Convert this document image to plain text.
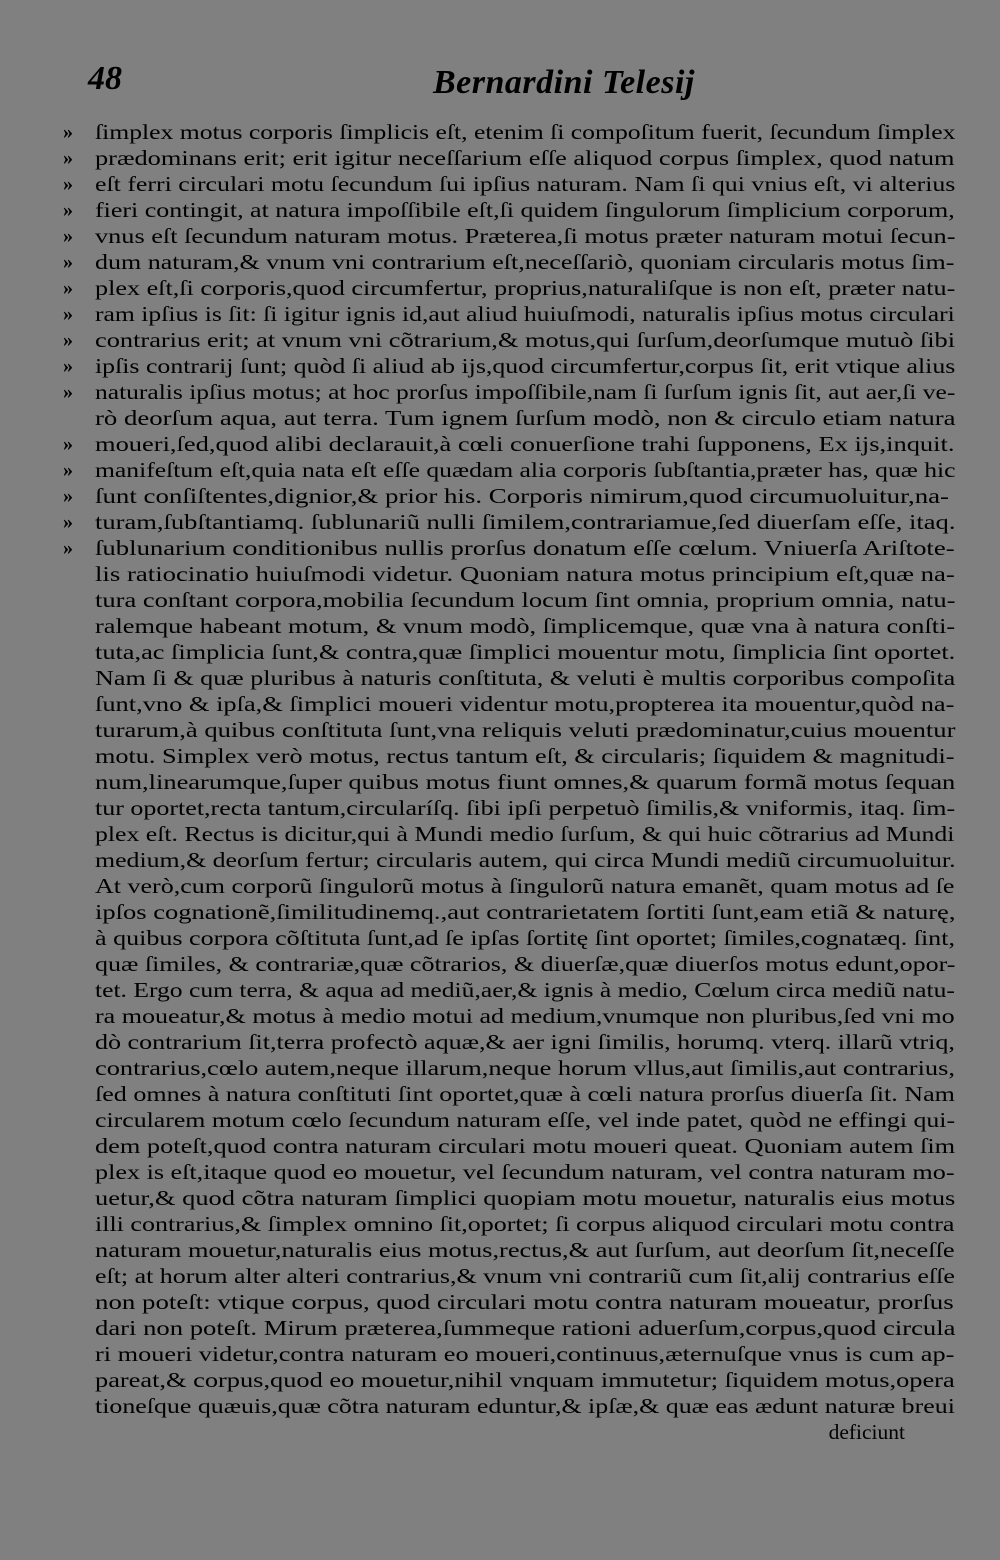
48	Bernardini Telesij
» ſimplex motus corporis ſimplicis eſt, etenim ſi compoſitum fuerit, ſecundum ſimplex
» prædominans erit; erit igitur neceſſarium eſſe aliquod corpus ſimplex, quod natum
» eſt ferri circulari motu ſecundum ſui ipſius naturam. Nam ſi qui vnius eſt, vi alterius
» fieri contingit, at natura impoſſibile eſt,ſi quidem ſingulorum ſimplicium corporum,
» vnus eſt ſecundum naturam motus. Præterea,ſi motus præter naturam motui ſecun-
» dum naturam,& vnum vni contrarium eſt,neceſſariò, quoniam circularis motus ſim-
» plex eſt,ſi corporis,quod circumfertur, proprius,naturaliſque is non eſt, præter natu-
» ram ipſius is ſit: ſi igitur ignis id,aut aliud huiuſmodi, naturalis ipſius motus circulari
» contrarius erit; at vnum vni cõtrarium,& motus,qui ſurſum,deorſumque mutuò ſibi
» ipſis contrarij ſunt; quòd ſi aliud ab ijs,quod circumfertur,corpus ſit, erit vtique alius
» naturalis ipſius motus; at hoc prorſus impoſſibile,nam ſi ſurſum ignis ſit, aut aer,ſi ve-
rò deorſum aqua, aut terra. Tum ignem ſurſum modò, non & circulo etiam natura
» moueri,ſed,quod alibi declarauit,à cœli conuerſione trahi ſupponens, Ex ijs,inquit.
» manifeſtum eſt,quia nata eſt eſſe quædam alia corporis ſubſtantia,præter has, quæ hic
» ſunt conſiſtentes,dignior,& prior his. Corporis nimirum,quod circumuoluitur,na-
» turam,ſubſtantiamq. ſublunariũ nulli ſimilem,contrariamue,ſed diuerſam eſſe, itaq.
» ſublunarium conditionibus nullis prorſus donatum eſſe cœlum. Vniuerſa Ariſtote-
lis ratiocinatio huiuſmodi videtur. Quoniam natura motus principium eſt,quæ na-
tura conſtant corpora,mobilia ſecundum locum ſint omnia, proprium omnia, natu-
ralemque habeant motum, & vnum modò, ſimplicemque, quæ vna à natura conſti-
tuta,ac ſimplicia ſunt,& contra,quæ ſimplici mouentur motu, ſimplicia ſint oportet.
Nam ſi & quæ pluribus à naturis conſtituta, & veluti è multis corporibus compoſita
ſunt,vno & ipſa,& ſimplici moueri videntur motu,propterea ita mouentur,quòd na-
turarum,à quibus conſtituta ſunt,vna reliquis veluti prædominatur,cuius mouentur
motu. Simplex verò motus, rectus tantum eſt, & circularis; ſiquidem & magnitudi-
num,linearumque,ſuper quibus motus fiunt omnes,& quarum formã motus ſequan
tur oportet,recta tantum,circularíſq. ſibi ipſi perpetuò ſimilis,& vniformis, itaq. ſim-
plex eſt. Rectus is dicitur,qui à Mundi medio ſurſum, & qui huic cõtrarius ad Mundi
medium,& deorſum fertur; circularis autem, qui circa Mundi mediũ circumuoluitur.
At verò,cum corporũ ſingulorũ motus à ſingulorũ natura emanẽt, quam motus ad ſe
ipſos cognationẽ,ſimilitudinemq.,aut contrarietatem ſortiti ſunt,eam etiã & naturę,
à quibus corpora cõſtituta ſunt,ad ſe ipſas ſortitę ſint oportet; ſimiles,cognatæq. ſint,
quæ ſimiles, & contrariæ,quæ cõtrarios, & diuerſæ,quæ diuerſos motus edunt,opor-
tet. Ergo cum terra, & aqua ad mediũ,aer,& ignis à medio, Cœlum circa mediũ natu-
ra moueatur,& motus à medio motui ad medium,vnumque non pluribus,ſed vni mo
dò contrarium ſit,terra profectò aquæ,& aer igni ſimilis, horumq. vterq. illarũ vtriq,
contrarius,cœlo autem,neque illarum,neque horum vllus,aut ſimilis,aut contrarius,
ſed omnes à natura conſtituti ſint oportet,quæ à cœli natura prorſus diuerſa ſit. Nam
circularem motum cœlo ſecundum naturam eſſe, vel inde patet, quòd ne effingi qui-
dem poteſt,quod contra naturam circulari motu moueri queat. Quoniam autem ſim
plex is eſt,itaque quod eo mouetur, vel ſecundum naturam, vel contra naturam mo-
uetur,& quod cõtra naturam ſimplici quopiam motu mouetur, naturalis eius motus
illi contrarius,& ſimplex omnino ſit,oportet; ſi corpus aliquod circulari motu contra
naturam mouetur,naturalis eius motus,rectus,& aut ſurſum, aut deorſum ſit,neceſſe
eſt; at horum alter alteri contrarius,& vnum vni contrariũ cum ſit,alij contrarius eſſe
non poteſt: vtique corpus, quod circulari motu contra naturam moueatur, prorſus
dari non poteſt. Mirum præterea,ſummeque rationi aduerſum,corpus,quod circula
ri moueri videtur,contra naturam eo moueri,continuus,æternuſque vnus is cum ap-
pareat,& corpus,quod eo mouetur,nihil vnquam immutetur; ſiquidem motus,opera
tioneſque quæuis,quæ cõtra naturam eduntur,& ipſæ,& quæ eas ædunt naturæ breui
deficiunt
